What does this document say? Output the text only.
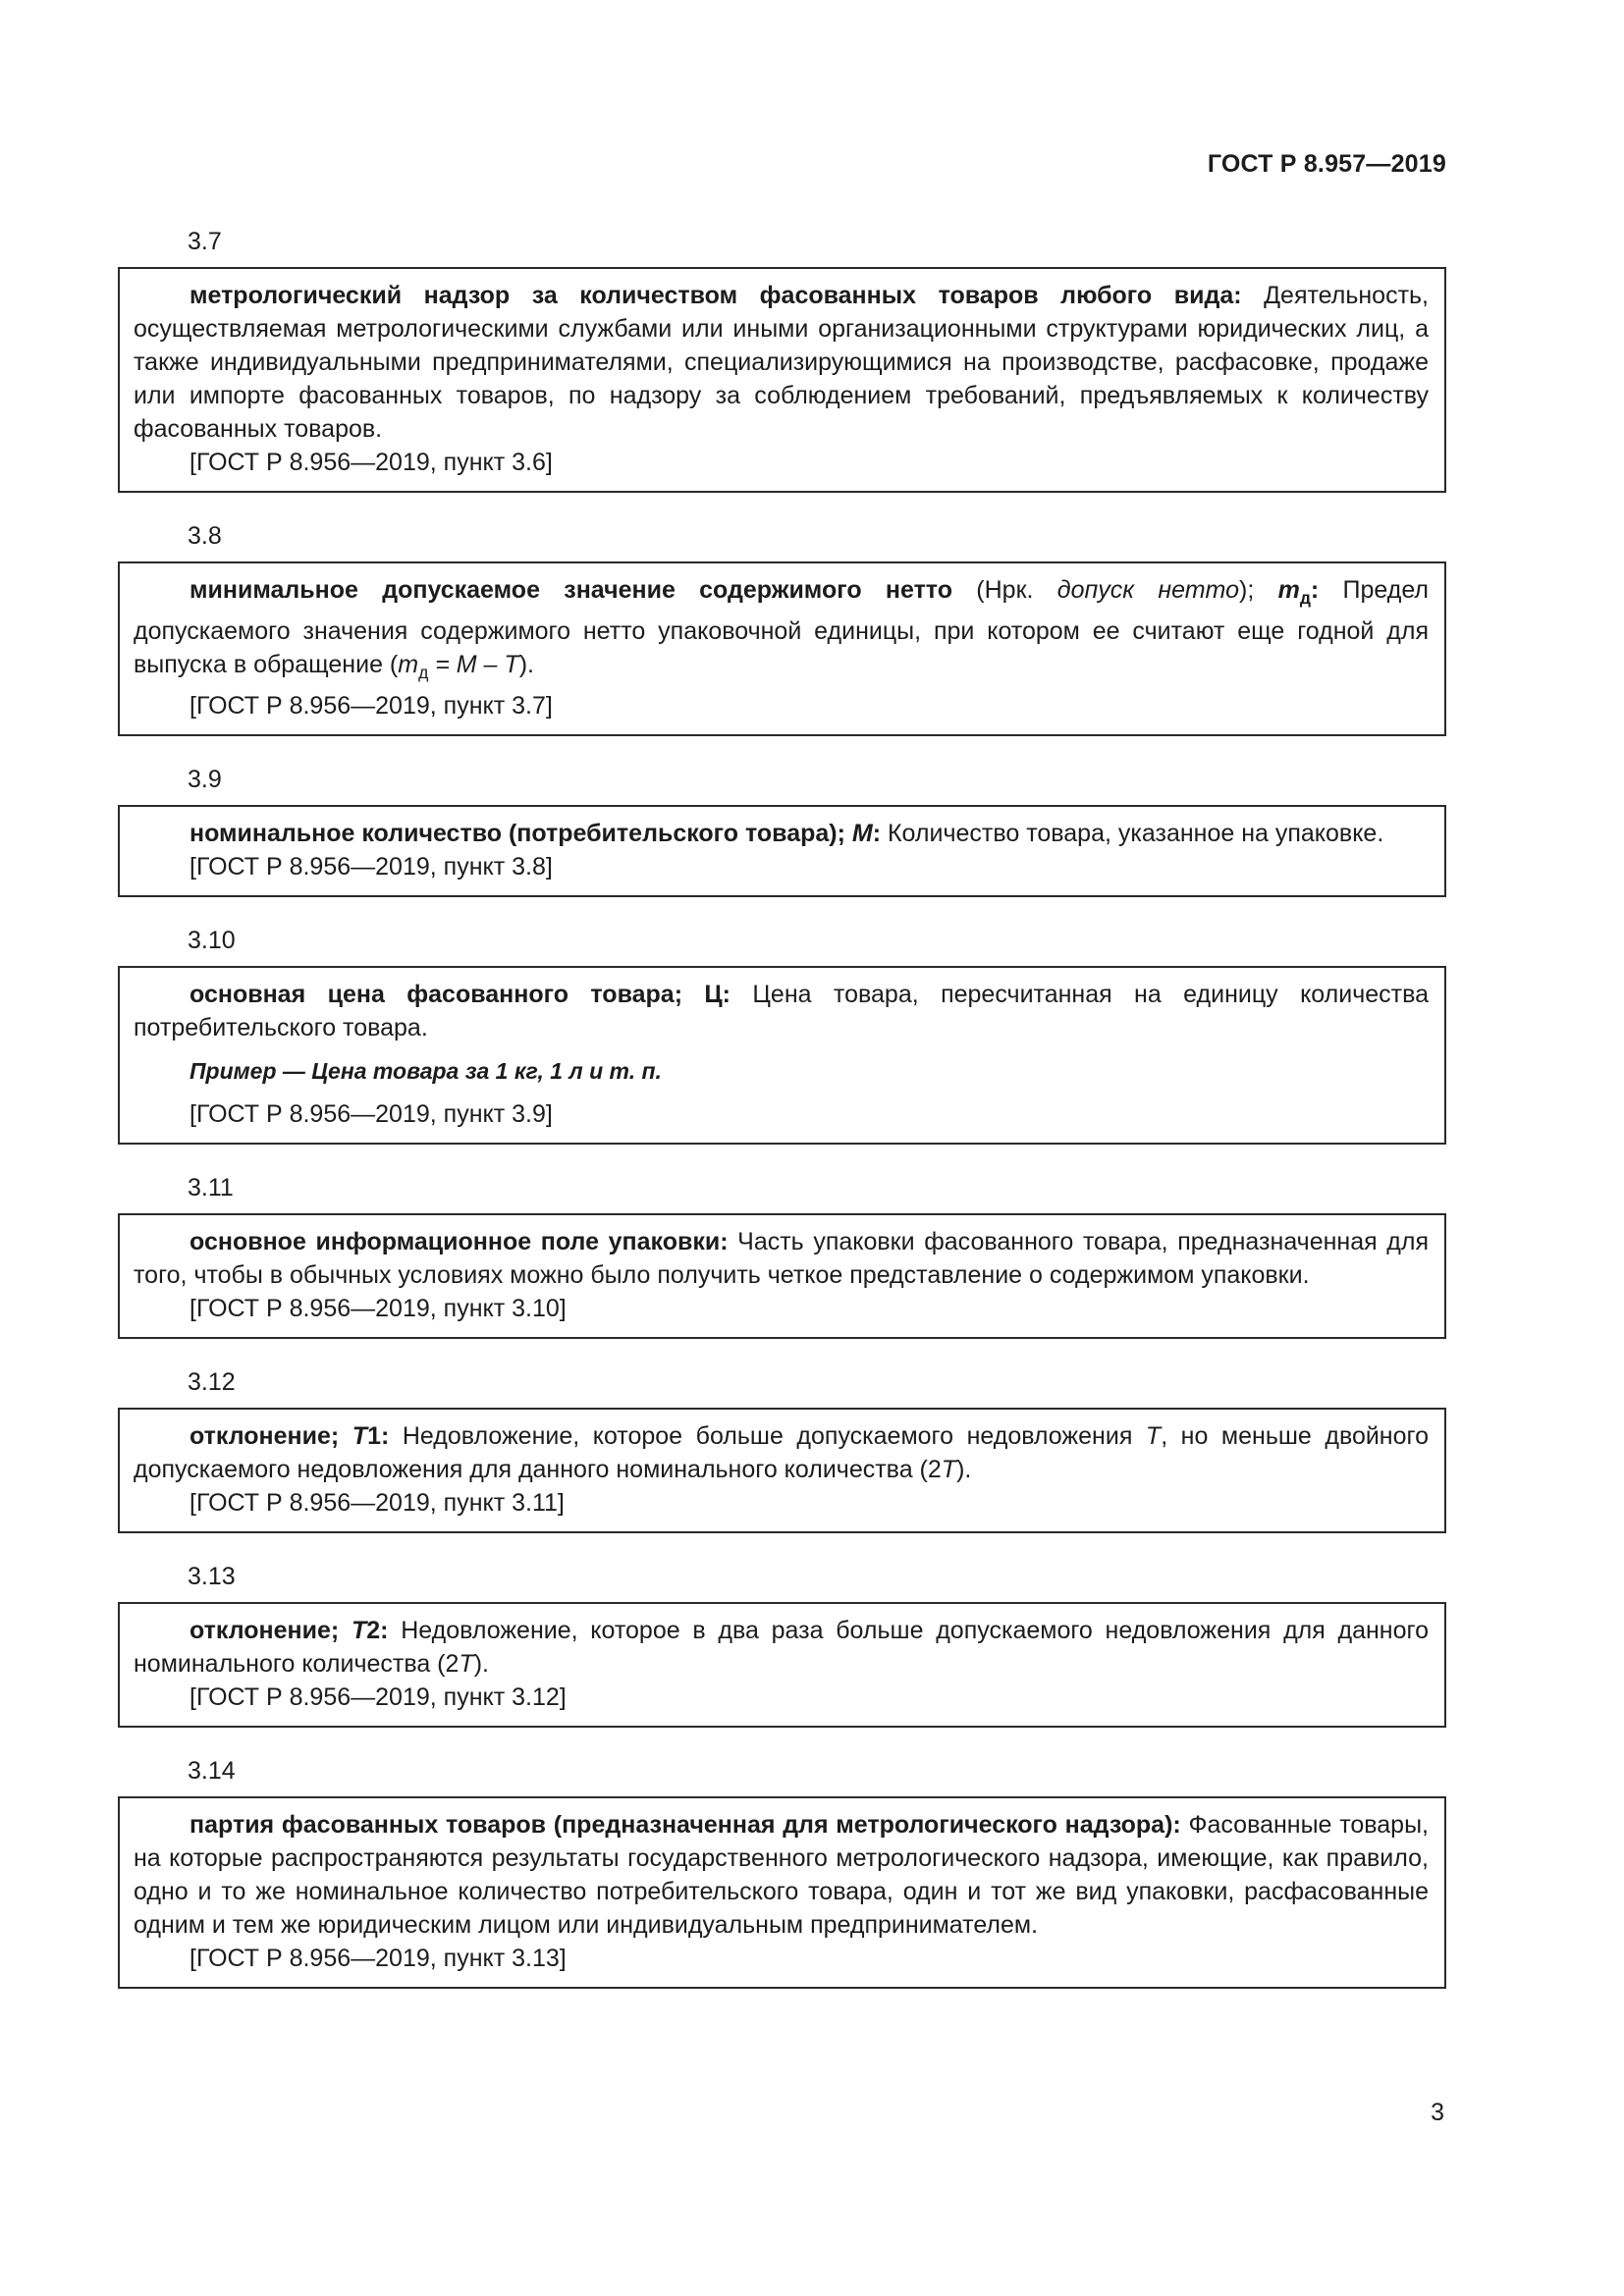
ГОСТ Р 8.957—2019
3.7

метрологический надзор за количеством фасованных товаров любого вида: Деятельность, осуществляемая метрологическими службами или иными организационными структурами юридических лиц, а также индивидуальными предпринимателями, специализирующимися на производстве, расфасовке, продаже или импорте фасованных товаров, по надзору за соблюдением требований, предъявляемых к количеству фасованных товаров.

[ГОСТ Р 8.956—2019, пункт 3.6]

3.8

минимальное допускаемое значение содержимого нетто (Нрк. допуск нетто); $m_д$: Предел допускаемого значения содержимого нетто упаковочной единицы, при котором ее считают еще годной для выпуска в обращение $(m_д = M - T)$.

[ГОСТ Р 8.956—2019, пункт 3.7]

3.9

номинальное количество (потребительского товара); M: Количество товара, указанное на упаковке.

[ГОСТ Р 8.956—2019, пункт 3.8]

3.10

основная цена фасованного товара; Ц: Цена товара, пересчитанная на единицу количества потребительского товара.

Пример — Цена товара за 1 кг, 1 л и т. п.

[ГОСТ Р 8.956—2019, пункт 3.9]

3.11

основное информационное поле упаковки: Часть упаковки фасованного товара, предназначенная для того, чтобы в обычных условиях можно было получить четкое представление о содержимом упаковки.

[ГОСТ Р 8.956—2019, пункт 3.10]

3.12

отклонение; T1: Недовложение, которое больше допускаемого недовложения T, но меньше двойного допускаемого недовложения для данного номинального количества (2T).

[ГОСТ Р 8.956—2019, пункт 3.11]

3.13

отклонение; T2: Недовложение, которое в два раза больше допускаемого недовложения для данного номинального количества (2T).

[ГОСТ Р 8.956—2019, пункт 3.12]

3.14

партия фасованных товаров (предназначенная для метрологического надзора): Фасованные товары, на которые распространяются результаты государственного метрологического надзора, имеющие, как правило, одно и то же номинальное количество потребительского товара, один и тот же вид упаковки, расфасованные одним и тем же юридическим лицом или индивидуальным предпринимателем.

[ГОСТ Р 8.956—2019, пункт 3.13]

3
